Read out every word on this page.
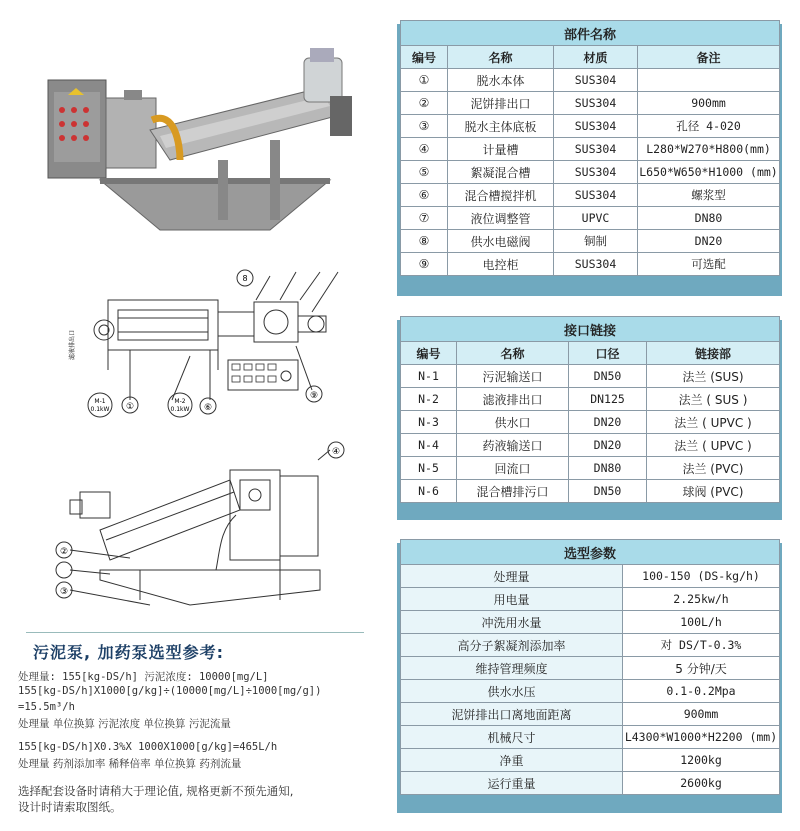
M-1
0.1kW
M-2
0.1kW
①	⑥
8
⑨
滤液排出口
②
③
④
污泥泵, 加药泵选型参考:
处理量: 155[kg-DS/h] 污泥浓度: 10000[mg/L]
155[kg-DS/h]X1000[g/kg]÷(10000[mg/L]÷1000[mg/g])
=15.5m³/h
处理量 单位换算 污泥浓度 单位换算 污泥流量
155[kg-DS/h]X0.3%X 1000X1000[g/kg]=465L/h
处理量 药剂添加率 稀释倍率 单位换算 药剂流量
选择配套设备时请稍大于理论值, 规格更新不预先通知,
设计时请索取图纸。
部件名称			
编号	名称	材质	备注
①	脱水本体	SUS304	
②	泥饼排出口	SUS304	900mm
③	脱水主体底板	SUS304	孔径 4-020
④	计量槽	SUS304	L280*W270*H800(mm)
⑤	絮凝混合槽	SUS304	L650*W650*H1000 (mm)
⑥	混合槽搅拌机	SUS304	螺浆型
⑦	液位调整管	UPVC	DN80
⑧	供水电磁阀	铜制	DN20
⑨	电控柜	SUS304	可选配
接口链接			
编号	名称	口径	链接部
N-1	污泥输送口	DN50	法兰 (SUS)
N-2	滤液排出口	DN125	法兰 ( SUS )
N-3	供水口	DN20	法兰 ( UPVC )
N-4	药液输送口	DN20	法兰 ( UPVC )
N-5	回流口	DN80	法兰 (PVC)
N-6	混合槽排污口	DN50	球阀 (PVC)
选型参数	
处理量	100-150 (DS-kg/h)
用电量	2.25kw/h
冲洗用水量	100L/h
高分子絮凝剂添加率	对 DS/T-0.3%
维持管理频度	5 分钟/天
供水水压	0.1-0.2Mpa
泥饼排出口离地面距离	900mm
机械尺寸	L4300*W1000*H2200 (mm)
净重	1200kg
运行重量	2600kg
